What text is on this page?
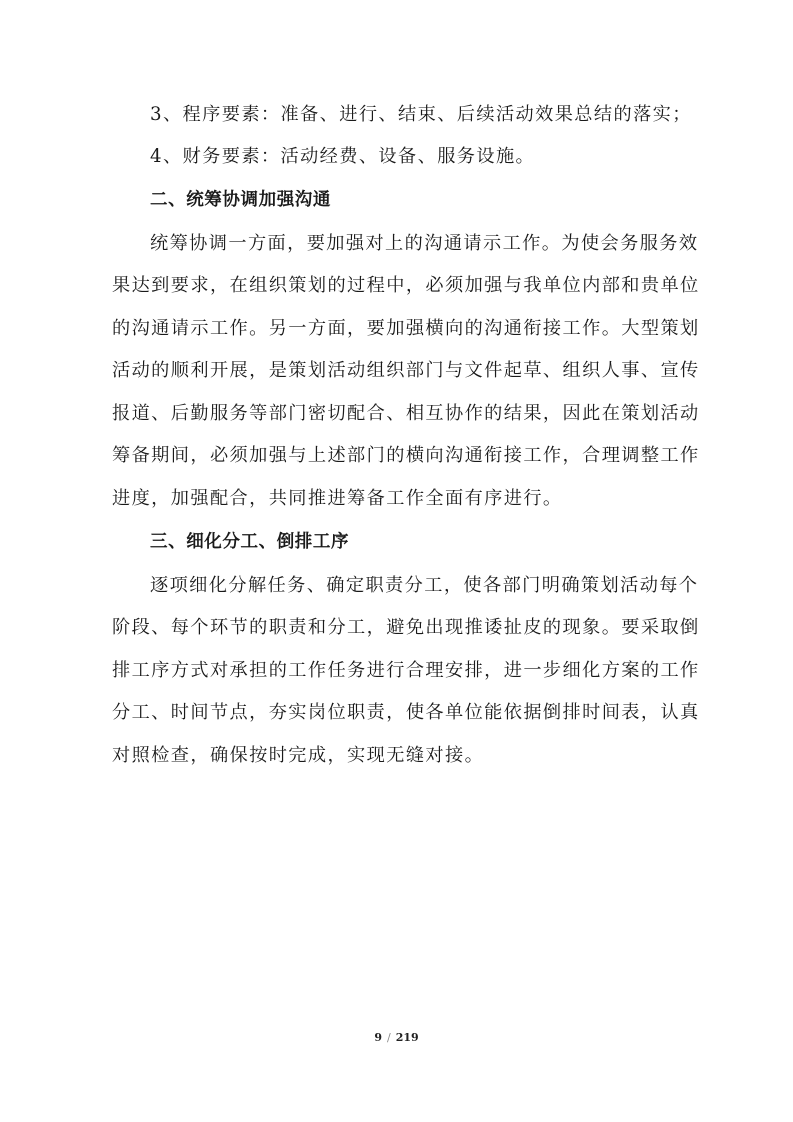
3、程序要素：准备、进行、结束、后续活动效果总结的落实；
4、财务要素：活动经费、设备、服务设施。
二、统筹协调加强沟通
统筹协调一方面，要加强对上的沟通请示工作。为使会务服务效
果达到要求，在组织策划的过程中，必须加强与我单位内部和贵单位
的沟通请示工作。另一方面，要加强横向的沟通衔接工作。大型策划
活动的顺利开展，是策划活动组织部门与文件起草、组织人事、宣传
报道、后勤服务等部门密切配合、相互协作的结果，因此在策划活动
筹备期间，必须加强与上述部门的横向沟通衔接工作，合理调整工作
进度，加强配合，共同推进筹备工作全面有序进行。
三、细化分工、倒排工序
逐项细化分解任务、确定职责分工，使各部门明确策划活动每个
阶段、每个环节的职责和分工，避免出现推诿扯皮的现象。要采取倒
排工序方式对承担的工作任务进行合理安排，进一步细化方案的工作
分工、时间节点，夯实岗位职责，使各单位能依据倒排时间表，认真
对照检查，确保按时完成，实现无缝对接。
9 / 219
